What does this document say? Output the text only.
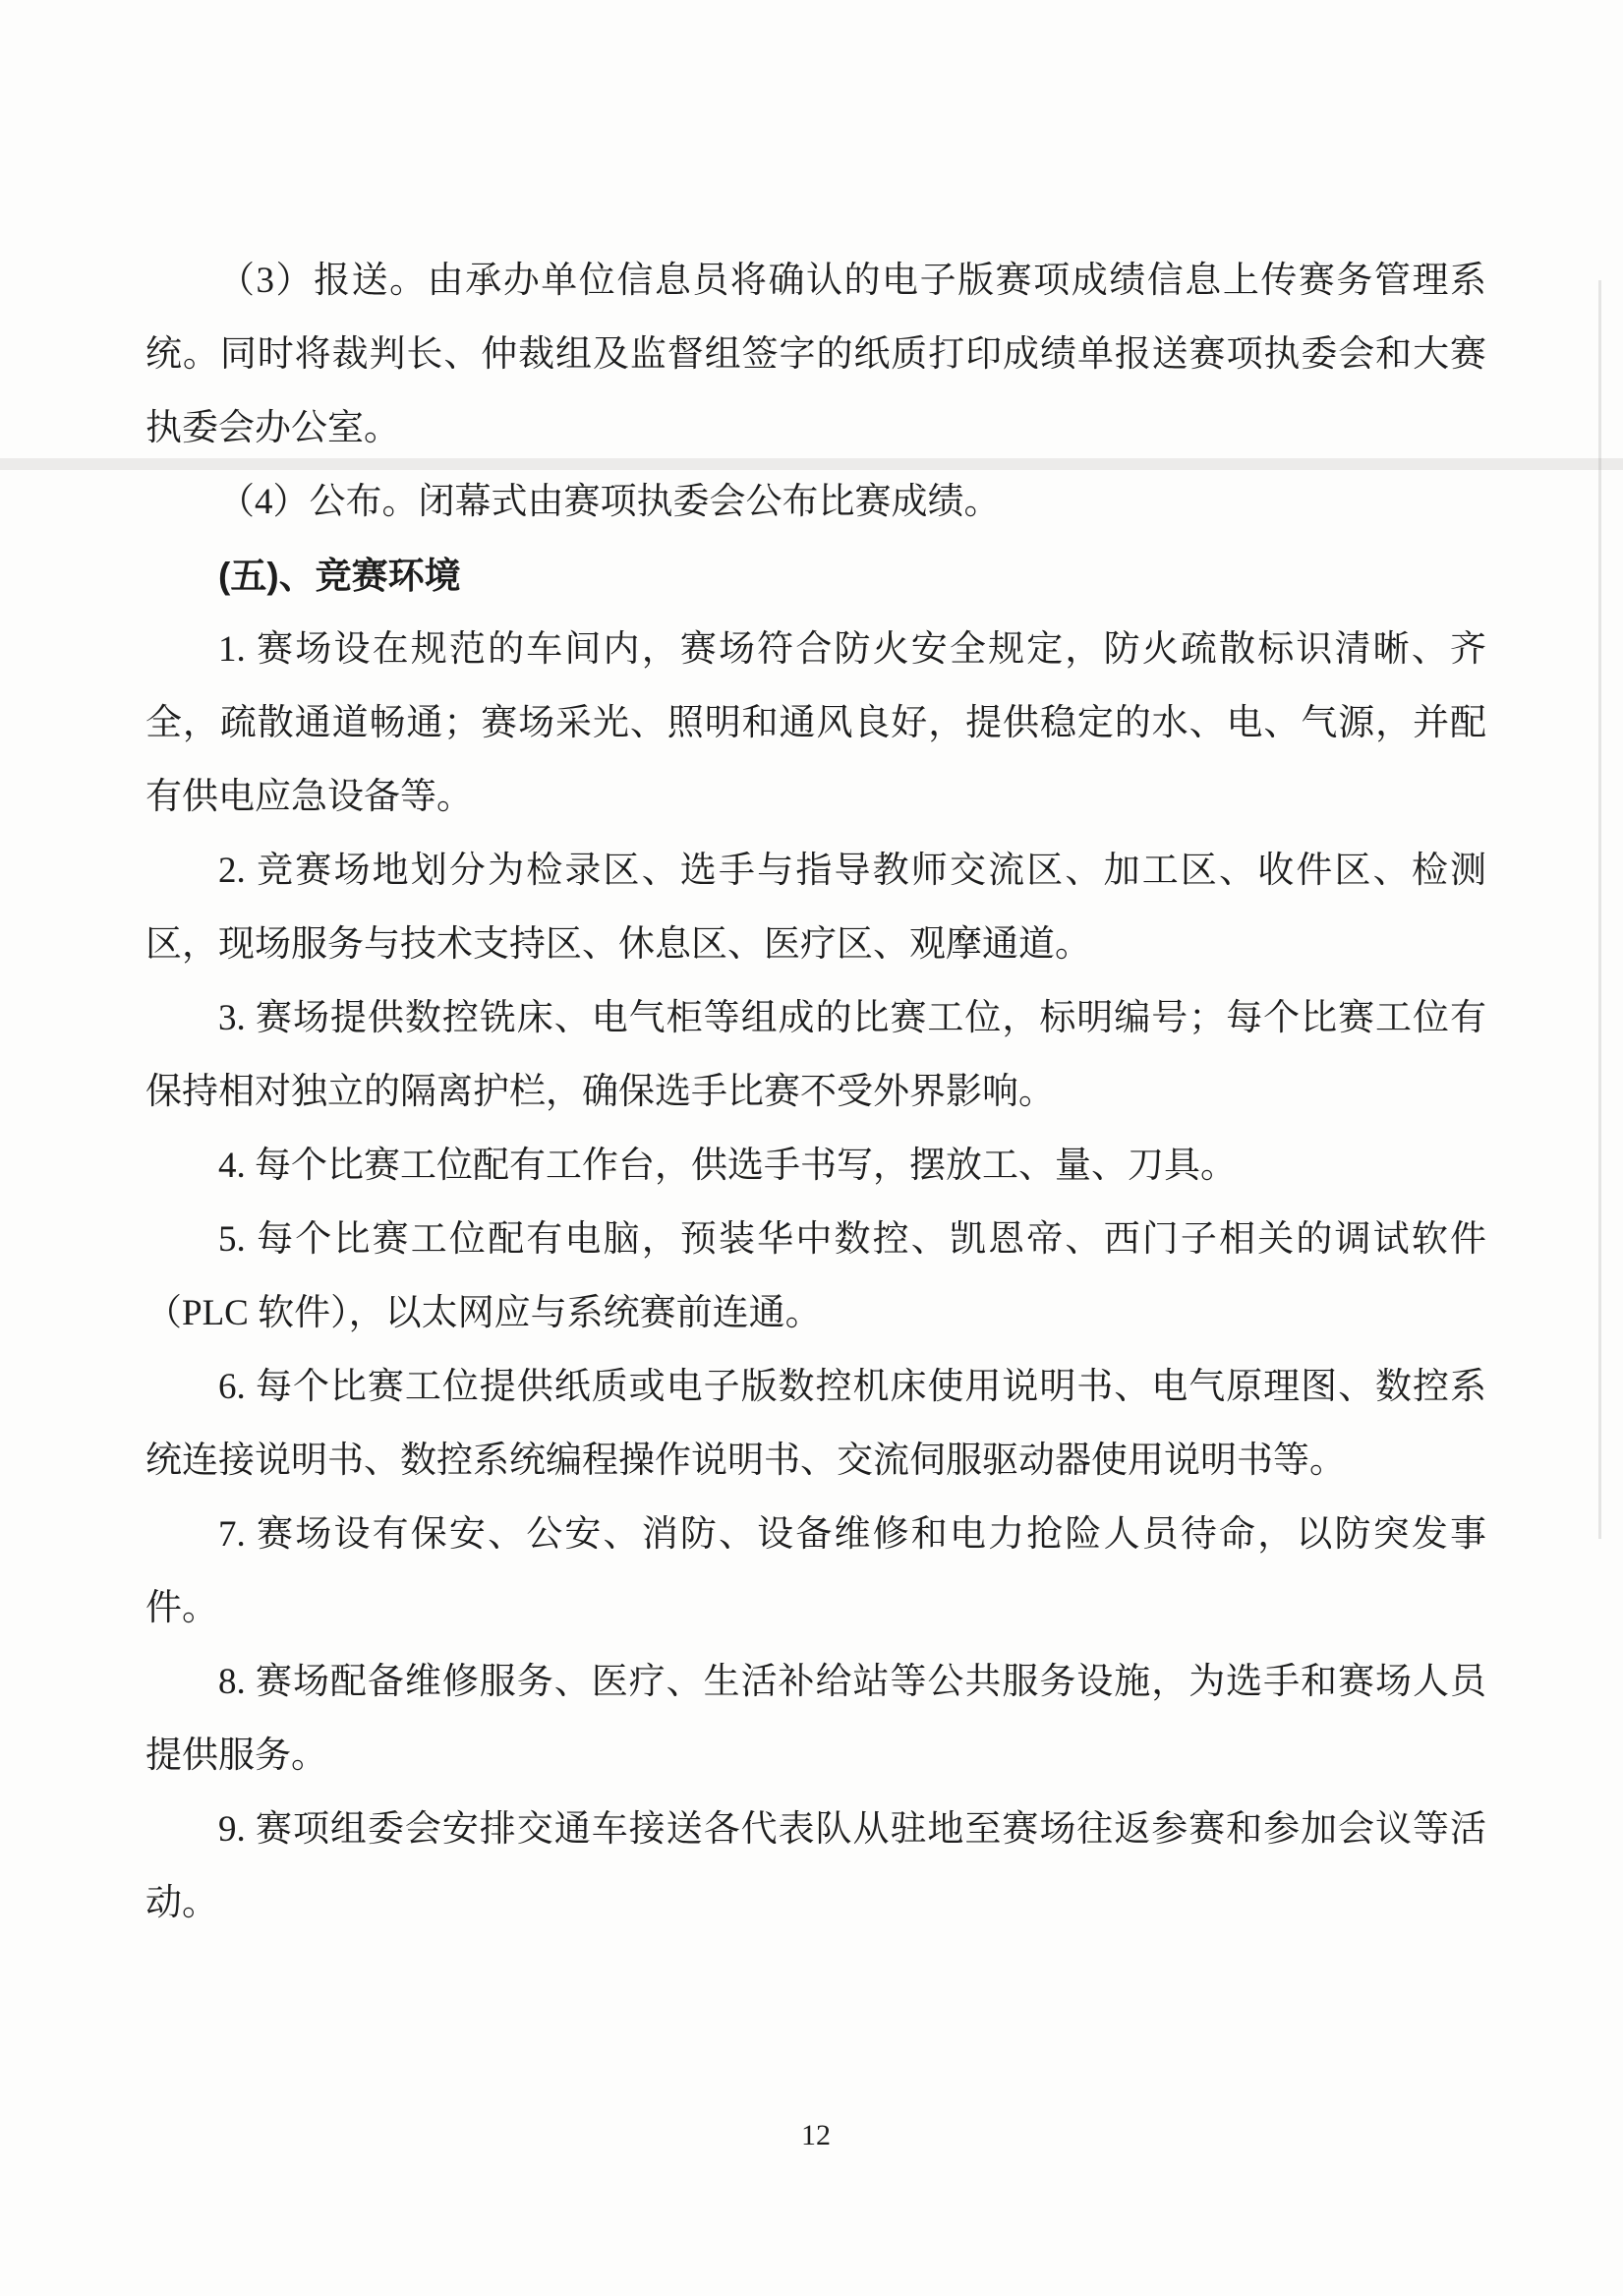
（3）报送。由承办单位信息员将确认的电子版赛项成绩信息上传赛务管理系统。同时将裁判长、仲裁组及监督组签字的纸质打印成绩单报送赛项执委会和大赛执委会办公室。

（4）公布。闭幕式由赛项执委会公布比赛成绩。

(五)、竞赛环境

1. 赛场设在规范的车间内，赛场符合防火安全规定，防火疏散标识清晰、齐全，疏散通道畅通；赛场采光、照明和通风良好，提供稳定的水、电、气源，并配有供电应急设备等。

2. 竞赛场地划分为检录区、选手与指导教师交流区、加工区、收件区、检测区，现场服务与技术支持区、休息区、医疗区、观摩通道。

3. 赛场提供数控铣床、电气柜等组成的比赛工位，标明编号；每个比赛工位有保持相对独立的隔离护栏，确保选手比赛不受外界影响。

4. 每个比赛工位配有工作台，供选手书写，摆放工、量、刀具。

5. 每个比赛工位配有电脑，预装华中数控、凯恩帝、西门子相关的调试软件（PLC 软件），以太网应与系统赛前连通。

6. 每个比赛工位提供纸质或电子版数控机床使用说明书、电气原理图、数控系统连接说明书、数控系统编程操作说明书、交流伺服驱动器使用说明书等。

7. 赛场设有保安、公安、消防、设备维修和电力抢险人员待命，以防突发事件。

8. 赛场配备维修服务、医疗、生活补给站等公共服务设施，为选手和赛场人员提供服务。

9. 赛项组委会安排交通车接送各代表队从驻地至赛场往返参赛和参加会议等活动。

12
